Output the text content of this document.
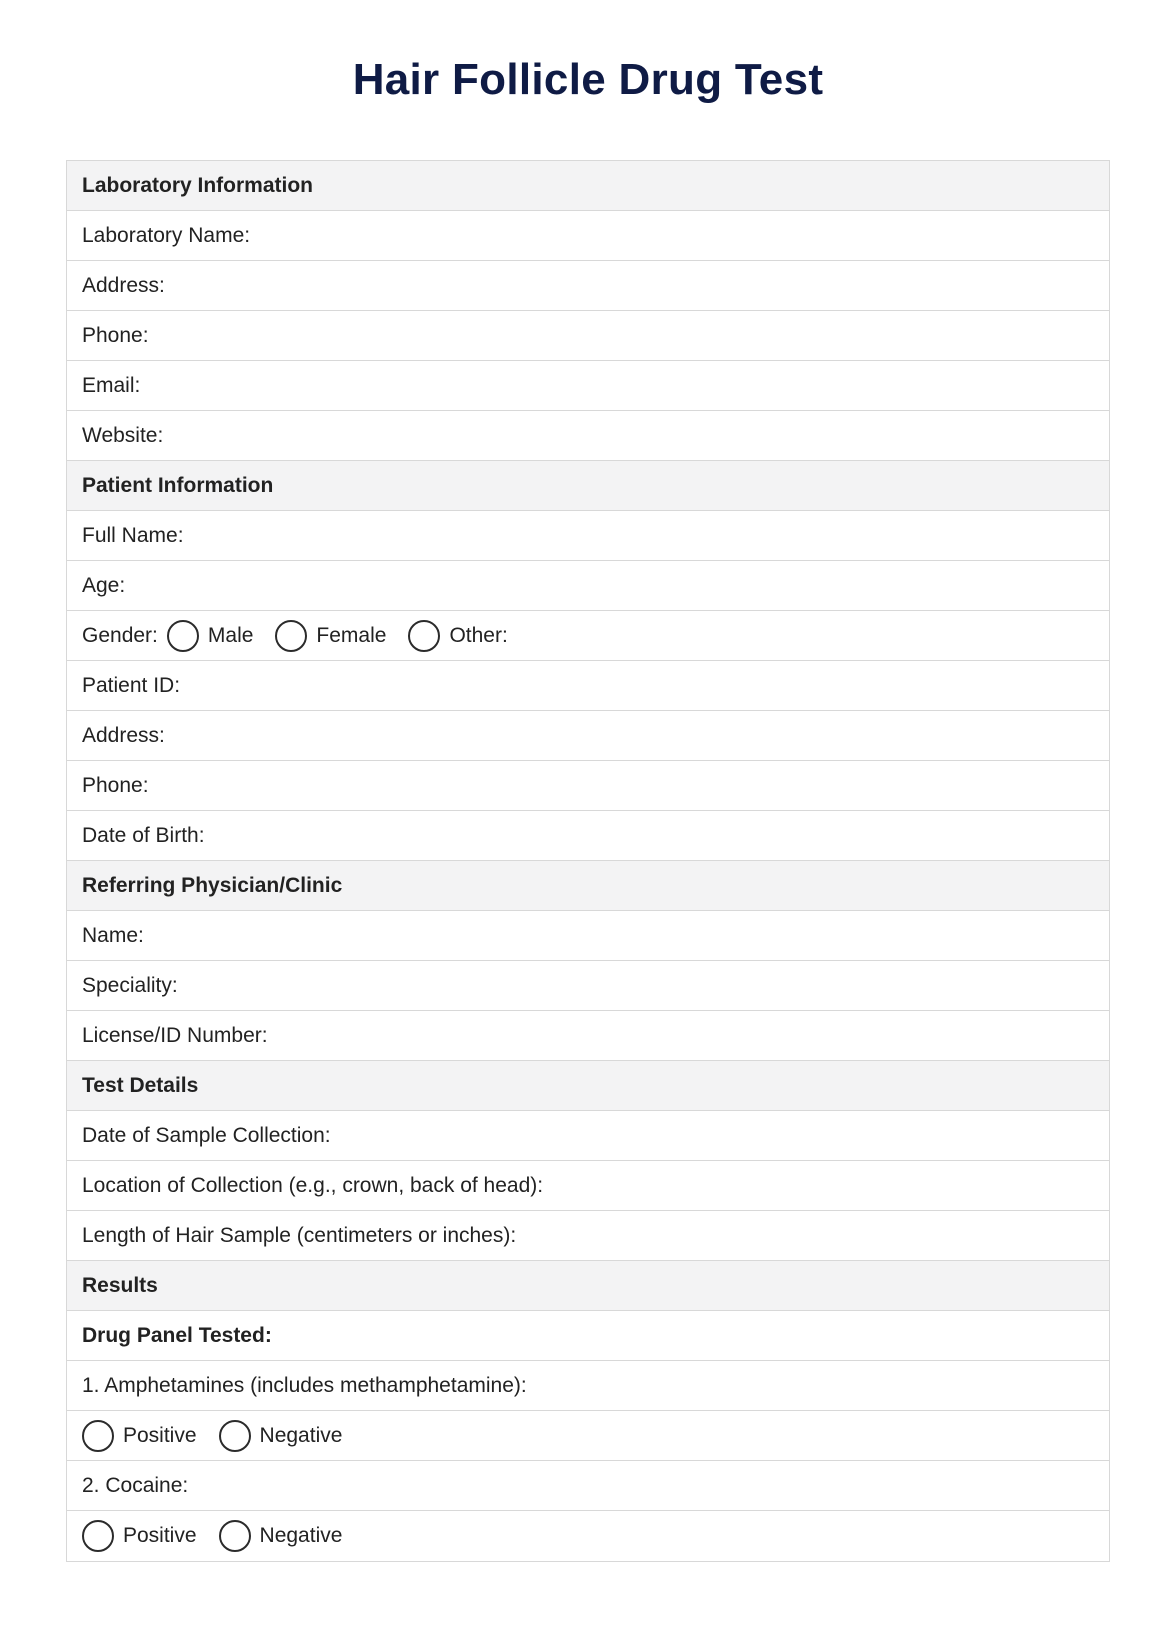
Hair Follicle Drug Test
Laboratory Information
Laboratory Name:
Address:
Phone:
Email:
Website:
Patient Information
Full Name:
Age:
Gender: Male	Female	Other:
Patient ID:
Address:
Phone:
Date of Birth:
Referring Physician/Clinic
Name:
Speciality:
License/ID Number:
Test Details
Date of Sample Collection:
Location of Collection (e.g., crown, back of head):
Length of Hair Sample (centimeters or inches):
Results
Drug Panel Tested:
1. Amphetamines (includes methamphetamine):
Positive	Negative
2. Cocaine:
Positive	Negative
